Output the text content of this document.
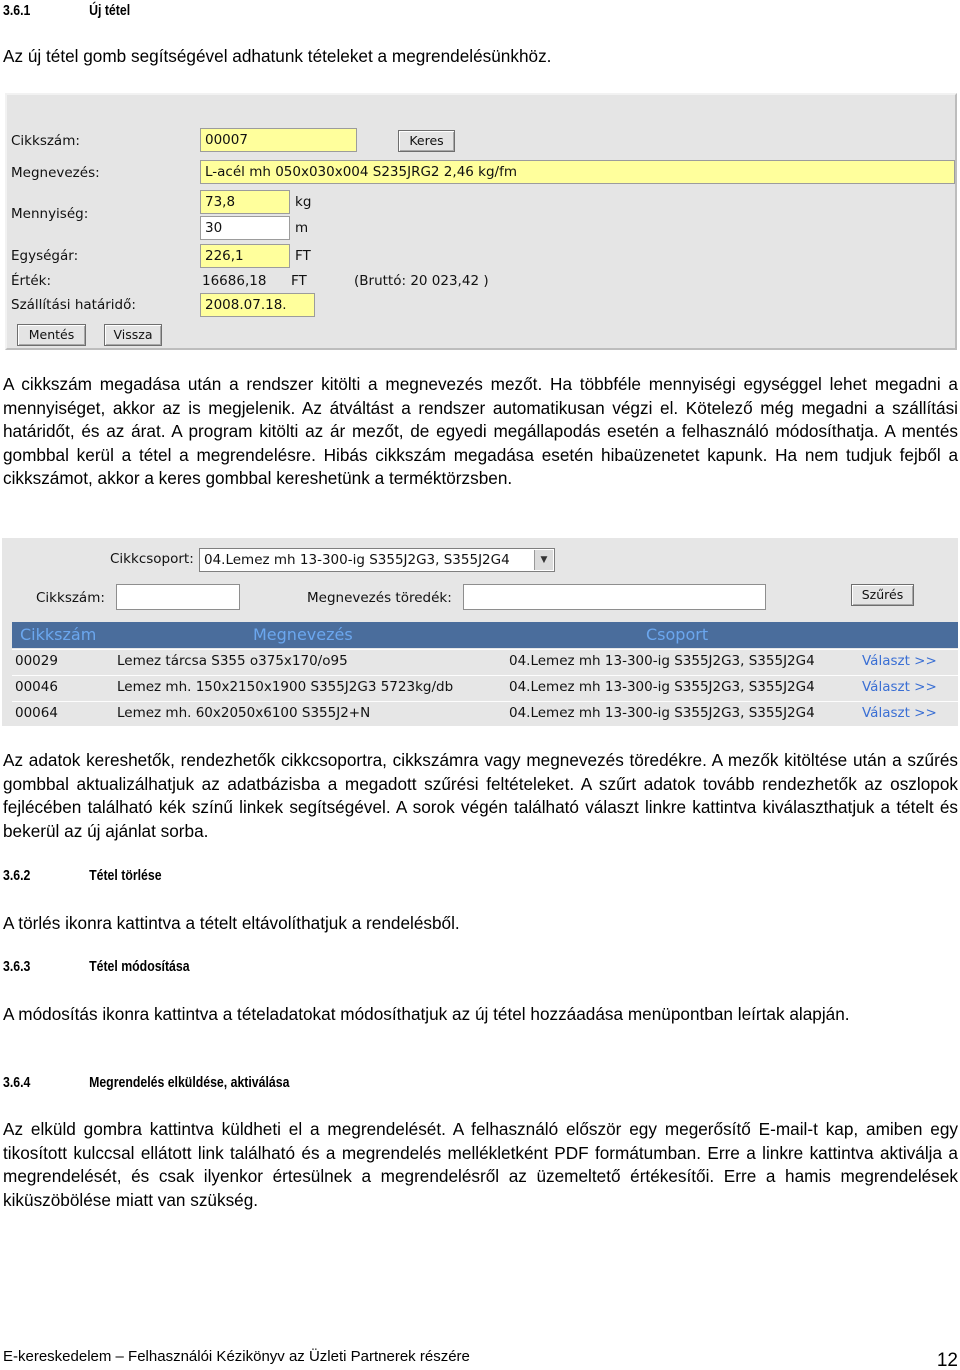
3.6.1	Új tétel
Az új tétel gomb segítségével adhatunk tételeket a megrendelésünkhöz.
Cikkszám:	00007	Keres
Megnevezés:	L-acél mh 050x030x004 S235JRG2 2,46 kg/fm
Mennyiség:
73,8	kg
30	m
Egységár:	226,1	FT
Érték:	16686,18 FT	(Bruttó: 20 023,42 )
Szállítási határidő:	2008.07.18.
Mentés	Vissza
A cikkszám megadása után a rendszer kitölti a megnevezés mezőt. Ha többféle mennyiségi egységgel lehet megadni a mennyiséget, akkor az is megjelenik. Az átváltást a rendszer automatikusan végzi el. Kötelező még megadni a szállítási határidőt, és az árat. A program kitölti az ár mezőt, de egyedi megállapodás esetén a felhasználó módosíthatja. A mentés gombbal kerül a tétel a megrendelésre. Hibás cikkszám megadása esetén hibaüzenetet kapunk. Ha nem tudjuk fejből a cikkszámot, akkor a keres gombbal kereshetünk a terméktörzsben.
Cikkcsoport: 04.Lemez mh 13-300-ig S355J2G3, S355J2G4	▼
Cikkszám:	Megnevezés töredék:	Szűrés
Cikkszám	Megnevezés	Csoport
00029	Lemez tárcsa S355 o375x170/o95	04.Lemez mh 13-300-ig S355J2G3, S355J2G4	Választ >>
00046	Lemez mh. 150x2150x1900 S355J2G3 5723kg/db	04.Lemez mh 13-300-ig S355J2G3, S355J2G4	Választ >>
00064	Lemez mh. 60x2050x6100 S355J2+N	04.Lemez mh 13-300-ig S355J2G3, S355J2G4	Választ >>
Az adatok kereshetők, rendezhetők cikkcsoportra, cikkszámra vagy megnevezés töredékre. A mezők kitöltése után a szűrés gombbal aktualizálhatjuk az adatbázisba a megadott szűrési feltételeket. A szűrt adatok tovább rendezhetők az oszlopok fejlécében található kék színű linkek segítségével. A sorok végén található választ linkre kattintva kiválaszthatjuk a tételt és bekerül az új ajánlat sorba.
3.6.2	Tétel törlése
A törlés ikonra kattintva a tételt eltávolíthatjuk a rendelésből.
3.6.3	Tétel módosítása
A módosítás ikonra kattintva a tételadatokat módosíthatjuk az új tétel hozzáadása menüpontban leírtak alapján.
3.6.4	Megrendelés elküldése, aktiválása
Az elküld gombra kattintva küldheti el a megrendelését. A felhasználó először egy megerősítő E-mail-t kap, amiben egy tikosított kulccsal ellátott link található és a megrendelés mellékletként PDF formátumban. Erre a linkre kattintva aktiválja a megrendelését, és csak ilyenkor értesülnek a megrendelésről az üzemeltető értékesítői. Erre a hamis megrendelések kiküszöbölése miatt van szükség.
E-kereskedelem – Felhasználói Kézikönyv az Üzleti Partnerek részére	12
